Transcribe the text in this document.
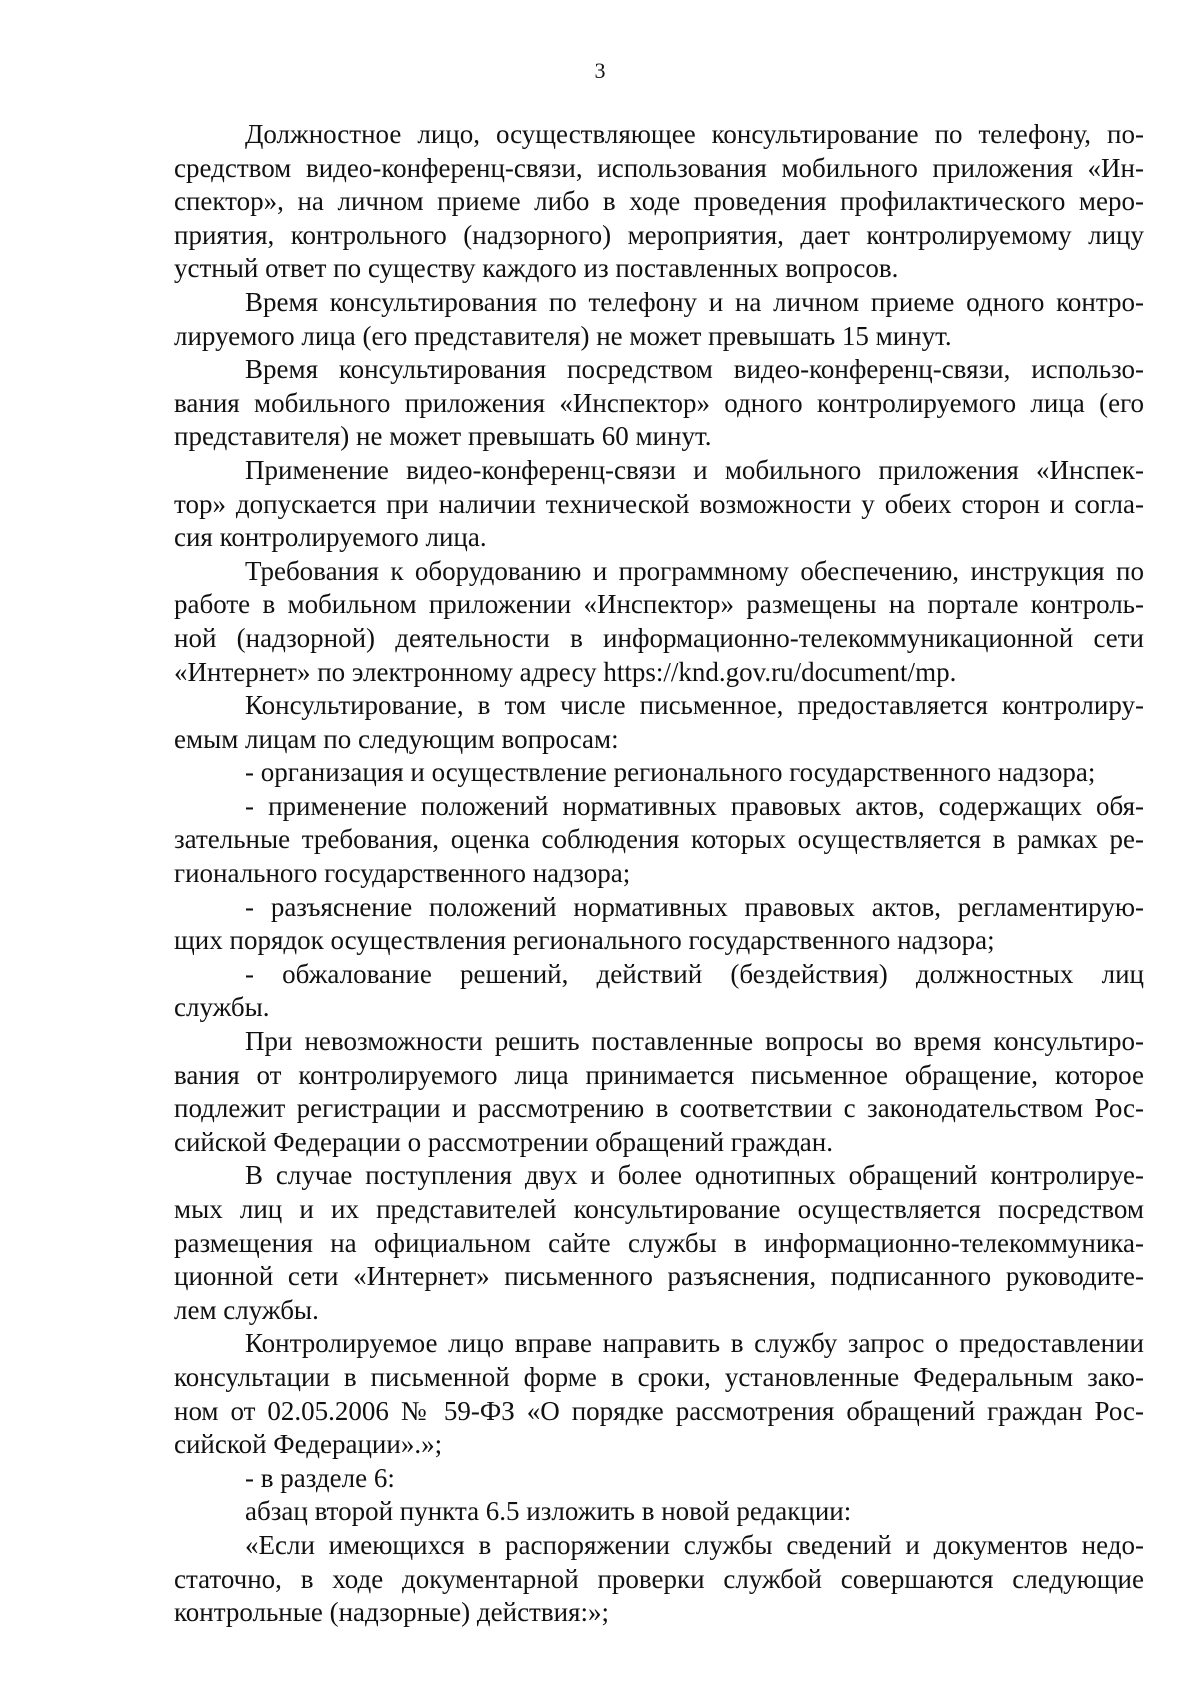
3
Должностное лицо, осуществляющее консультирование по телефону, по-
средством видео-конференц-связи, использования мобильного приложения «Ин-
спектор», на личном приеме либо в ходе проведения профилактического меро-
приятия, контрольного (надзорного) мероприятия, дает контролируемому лицу
устный ответ по существу каждого из поставленных вопросов.
Время консультирования по телефону и на личном приеме одного контро-
лируемого лица (его представителя) не может превышать 15 минут.
Время консультирования посредством видео-конференц-связи, использо-
вания мобильного приложения «Инспектор» одного контролируемого лица (его
представителя) не может превышать 60 минут.
Применение видео-конференц-связи и мобильного приложения «Инспек-
тор» допускается при наличии технической возможности у обеих сторон и согла-
сия контролируемого лица.
Требования к оборудованию и программному обеспечению, инструкция по
работе в мобильном приложении «Инспектор» размещены на портале контроль-
ной (надзорной) деятельности в информационно-телекоммуникационной сети
«Интернет» по электронному адресу https://knd.gov.ru/document/mp.
Консультирование, в том числе письменное, предоставляется контролиру-
емым лицам по следующим вопросам:
- организация и осуществление регионального государственного надзора;
- применение положений нормативных правовых актов, содержащих обя-
зательные требования, оценка соблюдения которых осуществляется в рамках ре-
гионального государственного надзора;
- разъяснение положений нормативных правовых актов, регламентирую-
щих порядок осуществления регионального государственного надзора;
- обжалование решений, действий (бездействия) должностных лиц
службы.
При невозможности решить поставленные вопросы во время консультиро-
вания от контролируемого лица принимается письменное обращение, которое
подлежит регистрации и рассмотрению в соответствии с законодательством Рос-
сийской Федерации о рассмотрении обращений граждан.
В случае поступления двух и более однотипных обращений контролируе-
мых лиц и их представителей консультирование осуществляется посредством
размещения на официальном сайте службы в информационно-телекоммуника-
ционной сети «Интернет» письменного разъяснения, подписанного руководите-
лем службы.
Контролируемое лицо вправе направить в службу запрос о предоставлении
консультации в письменной форме в сроки, установленные Федеральным зако-
ном от 02.05.2006 № 59-ФЗ «О порядке рассмотрения обращений граждан Рос-
сийской Федерации».»;
- в разделе 6:
абзац второй пункта 6.5 изложить в новой редакции:
«Если имеющихся в распоряжении службы сведений и документов недо-
статочно, в ходе документарной проверки службой совершаются следующие
контрольные (надзорные) действия:»;
